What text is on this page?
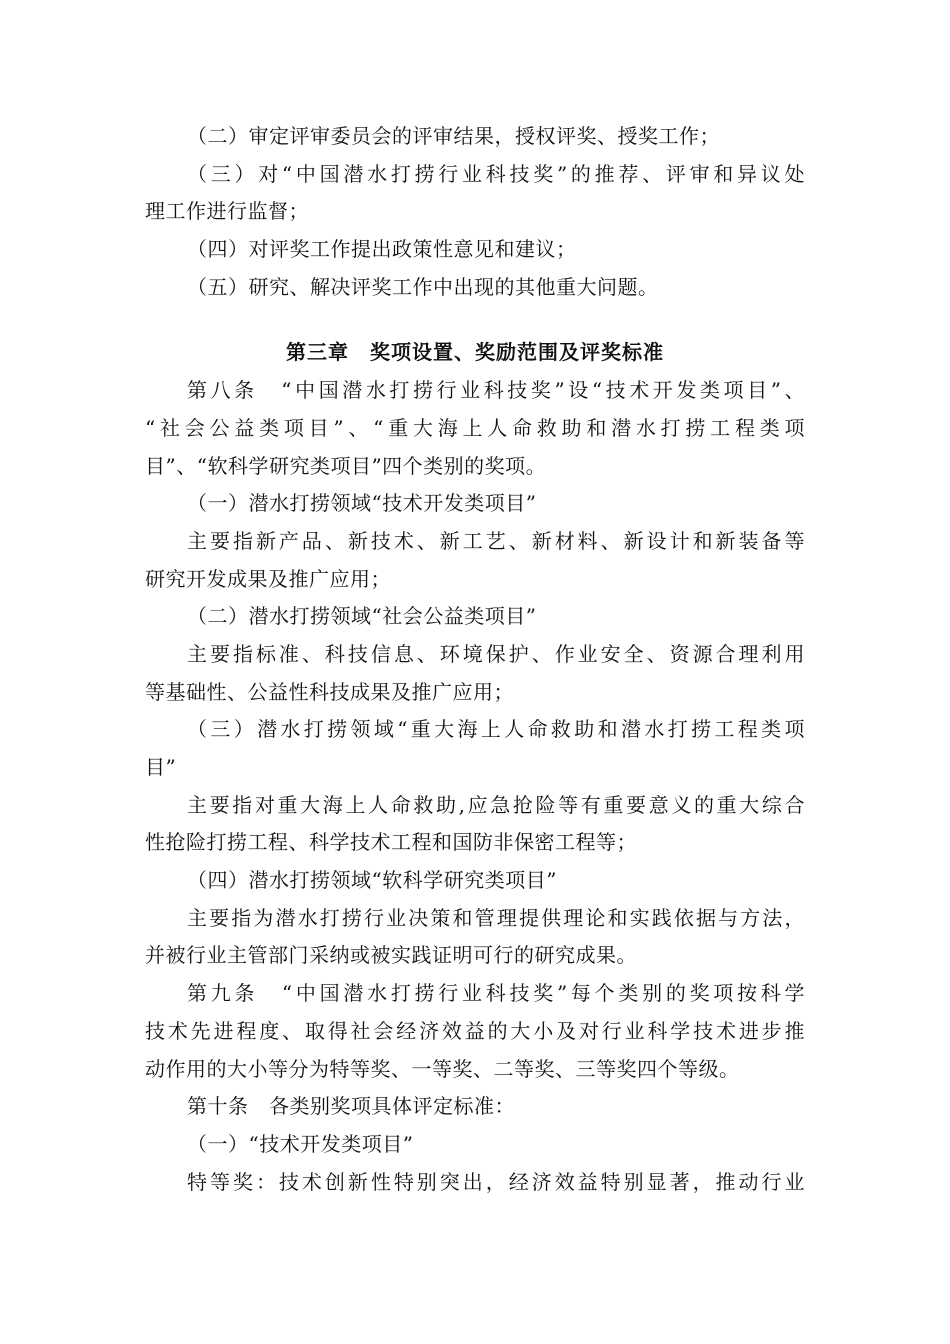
（二）审定评审委员会的评审结果，授权评奖、授奖工作；
（三）对“中国潜水打捞行业科技奖”的推荐、评审和异议处
理工作进行监督；
（四）对评奖工作提出政策性意见和建议；
（五）研究、解决评奖工作中出现的其他重大问题。
第三章　奖项设置、奖励范围及评奖标准
第八条　“中国潜水打捞行业科技奖”设“技术开发类项目”、
“社会公益类项目”、“重大海上人命救助和潜水打捞工程类项
目”、“软科学研究类项目”四个类别的奖项。
（一）潜水打捞领域“技术开发类项目”
主要指新产品、新技术、新工艺、新材料、新设计和新装备等
研究开发成果及推广应用；
（二）潜水打捞领域“社会公益类项目”
主要指标准、科技信息、环境保护、作业安全、资源合理利用
等基础性、公益性科技成果及推广应用；
（三）潜水打捞领域“重大海上人命救助和潜水打捞工程类项
目”
主要指对重大海上人命救助,应急抢险等有重要意义的重大综合
性抢险打捞工程、科学技术工程和国防非保密工程等；
（四）潜水打捞领域“软科学研究类项目”
主要指为潜水打捞行业决策和管理提供理论和实践依据与方法，
并被行业主管部门采纳或被实践证明可行的研究成果。
第九条　“中国潜水打捞行业科技奖”每个类别的奖项按科学
技术先进程度、取得社会经济效益的大小及对行业科学技术进步推
动作用的大小等分为特等奖、一等奖、二等奖、三等奖四个等级。
第十条　各类别奖项具体评定标准：
（一）“技术开发类项目”
特等奖：技术创新性特别突出，经济效益特别显著，推动行业
